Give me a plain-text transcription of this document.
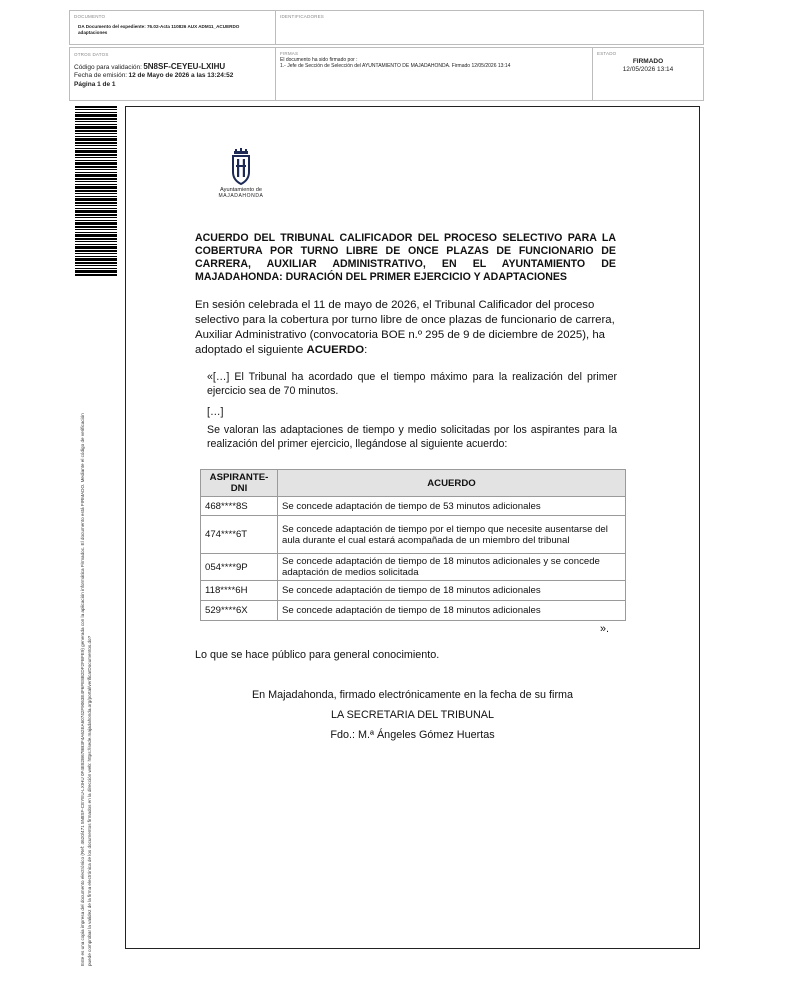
DOCUMENTO
DA Documento del expediente: 76.02-Acta 110826 AUX ADM11_ACUERDO adaptaciones
IDENTIFICADORES
OTROS DATOS
Código para validación: 5N8SF-CEYEU-LXIHU
Fecha de emisión: 12 de Mayo de 2026 a las 13:24:52
Página 1 de 1
FIRMAS
El documento ha sido firmado por :
1.- Jefe de Sección de Selección del AYUNTAMIENTO DE MAJADAHONDA. Firmado 12/05/2026 13:14
ESTADO
FIRMADO
12/05/2026 13:14
Este es una copia impresa del documento electrónico (Ref: 4620/471 5N8SF-CEYEU-LXIHU 0F4E82B67BB3F4A62EA60742F9063E4F6FE8B2DF2FBFE9) generada con la aplicación informática Firmadoc. El documento está FIRMADO. Mediante el código de verificación puede comprobar la validez de la firma electrónica de los documentos firmados en la dirección web: https://sede.majadahonda.org/portal/verificarDocumentos.do?
Ayuntamiento de
MAJADAHONDA
ACUERDO DEL TRIBUNAL CALIFICADOR DEL PROCESO SELECTIVO PARA LA COBERTURA POR TURNO LIBRE DE ONCE PLAZAS DE FUNCIONARIO DE CARRERA, AUXILIAR ADMINISTRATIVO, EN EL AYUNTAMIENTO DE MAJADAHONDA: DURACIÓN DEL PRIMER EJERCICIO Y ADAPTACIONES
En sesión celebrada el 11 de mayo de 2026, el Tribunal Calificador del proceso selectivo para la cobertura por turno libre de once plazas de funcionario de carrera, Auxiliar Administrativo (convocatoria BOE n.º 295 de 9 de diciembre de 2025), ha adoptado el siguiente ACUERDO:
«[…] El Tribunal ha acordado que el tiempo máximo para la realización del primer ejercicio sea de 70 minutos.
[…]
Se valoran las adaptaciones de tiempo y medio solicitadas por los aspirantes para la realización del primer ejercicio, llegándose al siguiente acuerdo:
ASPIRANTE-DNI	ACUERDO
468****8S	Se concede adaptación de tiempo de 53 minutos adicionales
474****6T	Se concede adaptación de tiempo por el tiempo que necesite ausentarse del aula durante el cual estará acompañada de un miembro del tribunal
054****9P	Se concede adaptación de tiempo de 18 minutos adicionales y se concede adaptación de medios solicitada
118****6H	Se concede adaptación de tiempo de 18 minutos adicionales
529****6X	Se concede adaptación de tiempo de 18 minutos adicionales
».
Lo que se hace público para general conocimiento.
En Majadahonda, firmado electrónicamente en la fecha de su firma
LA SECRETARIA DEL TRIBUNAL
Fdo.: M.ª Ángeles Gómez Huertas
